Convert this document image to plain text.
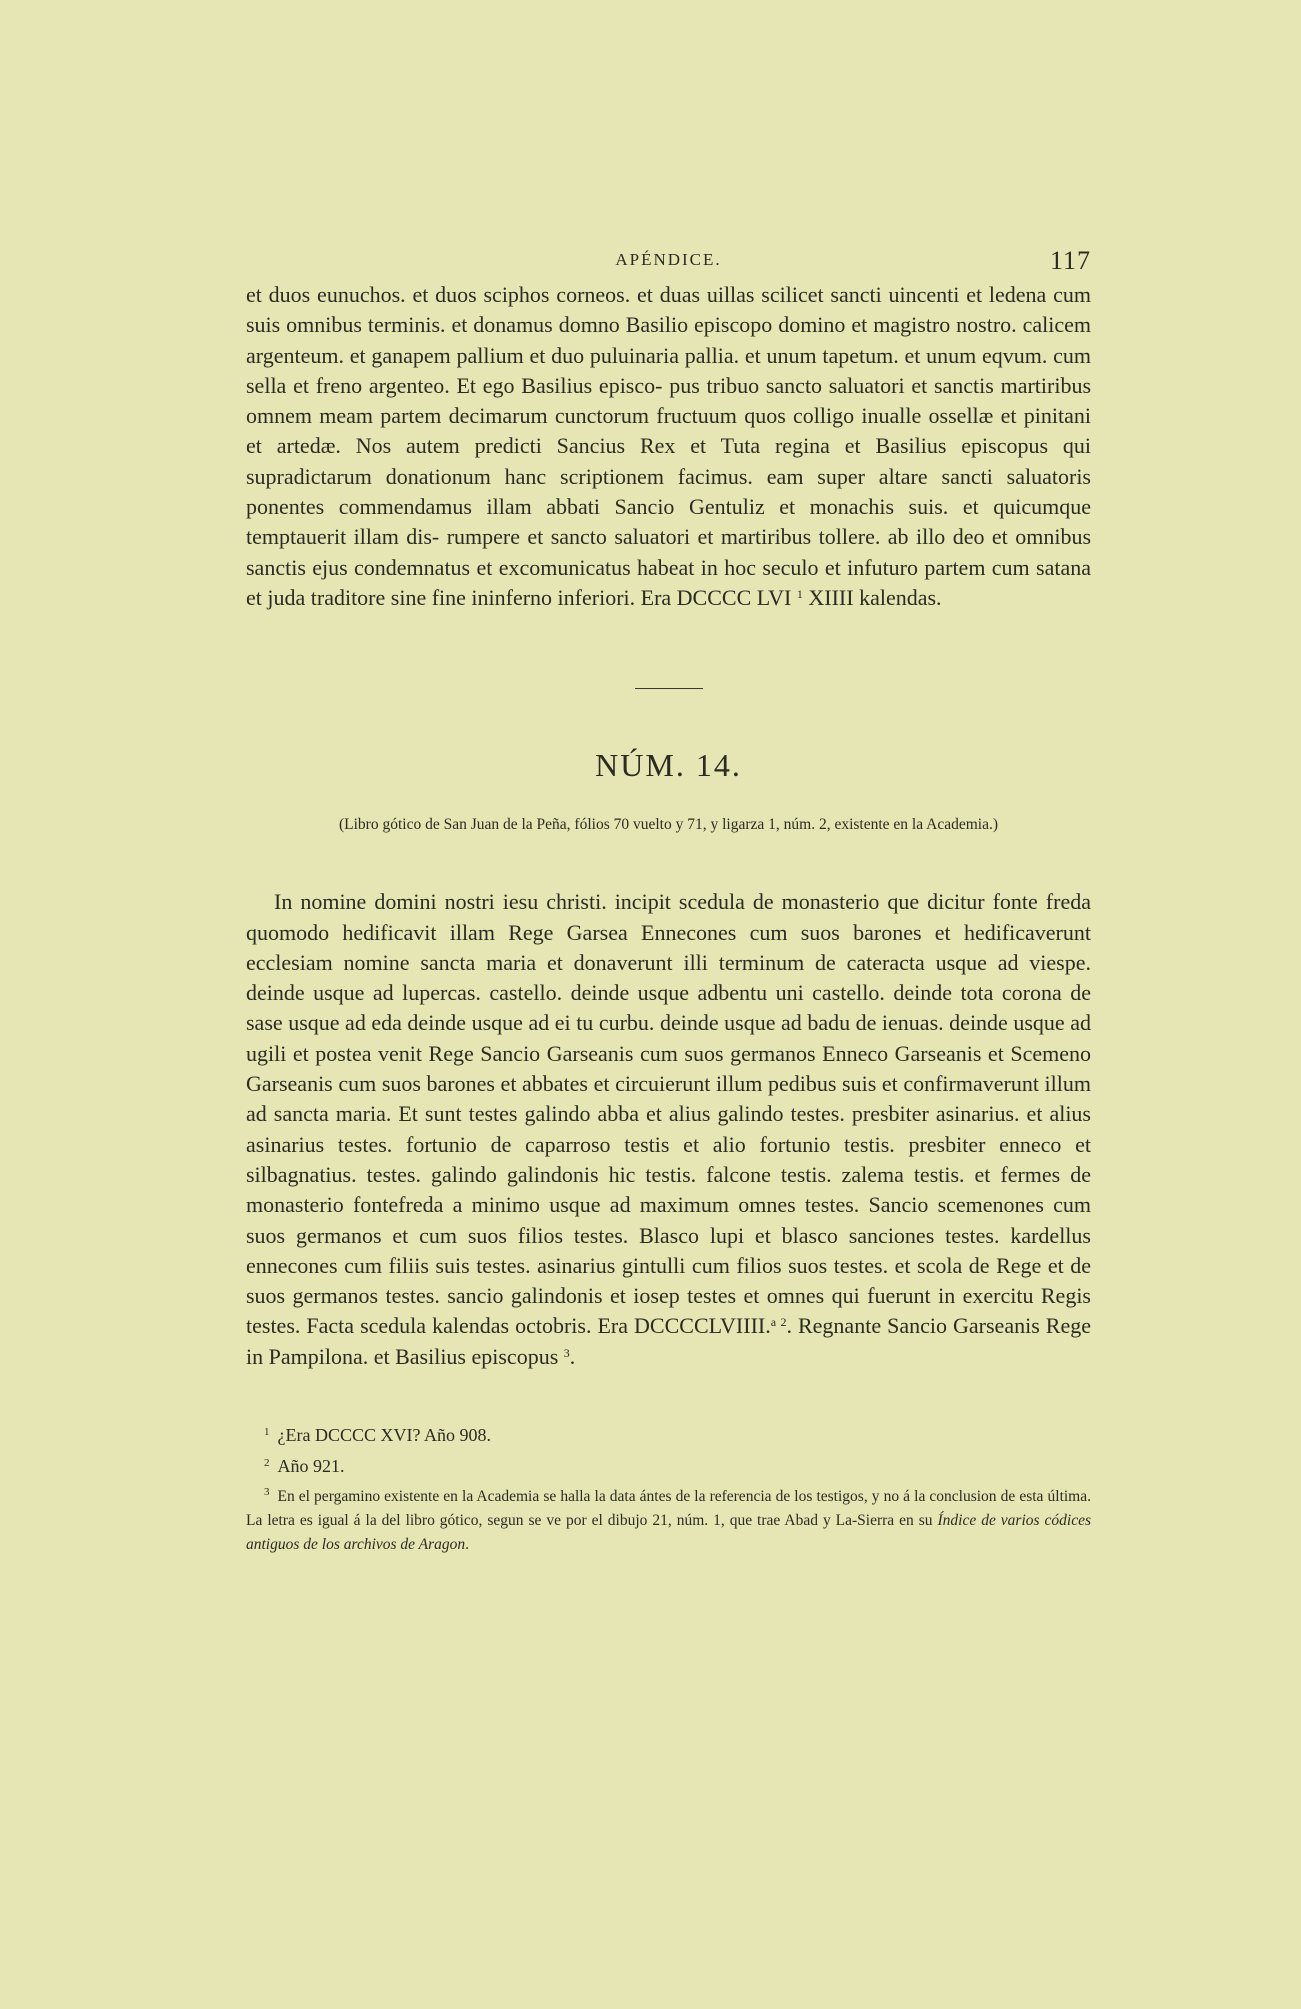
APÉNDICE.	117

et duos eunuchos. et duos sciphos corneos. et duas uillas scilicet sancti uincenti et ledena cum suis omnibus terminis. et donamus domno Basilio episcopo domino et magistro nostro. calicem argenteum. et ganapem pallium et duo puluinaria pallia. et unum tapetum. et unum eqvum. cum sella et freno argenteo. Et ego Basilius episco- pus tribuo sancto saluatori et sanctis martiribus omnem meam partem decimarum cunctorum fructuum quos colligo inualle ossellæ et pinitani et artedæ. Nos autem predicti Sancius Rex et Tuta regina et Basilius episcopus qui supradictarum donationum hanc scriptionem facimus. eam super altare sancti saluatoris ponentes commendamus illam abbati Sancio Gentuliz et monachis suis. et quicumque temptauerit illam dis- rumpere et sancto saluatori et martiribus tollere. ab illo deo et omnibus sanctis ejus condemnatus et excomunicatus habeat in hoc seculo et infuturo partem cum satana et juda traditore sine fine ininferno inferiori. Era DCCCC LVI $^1$ XIIII kalendas.

NÚM. 14.
(Libro gótico de San Juan de la Peña, fólios 70 vuelto y 71, y ligarza 1, núm. 2, existente en la Academia.)

In nomine domini nostri iesu christi. incipit scedula de monasterio que dicitur fonte freda quomodo hedificavit illam Rege Garsea Ennecones cum suos barones et hedificaverunt ecclesiam nomine sancta maria et donaverunt illi terminum de cateracta usque ad viespe. deinde usque ad lupercas. castello. deinde usque adbentu uni castello. deinde tota corona de sase usque ad eda deinde usque ad ei tu curbu. deinde usque ad badu de ienuas. deinde usque ad ugili et postea venit Rege Sancio Garseanis cum suos germanos Enneco Garseanis et Scemeno Garseanis cum suos barones et abbates et circuierunt illum pedibus suis et confirmaverunt illum ad sancta maria. Et sunt testes galindo abba et alius galindo testes. presbiter asinarius. et alius asinarius testes. fortunio de caparroso testis et alio fortunio testis. presbiter enneco et silbagnatius. testes. galindo galindonis hic testis. falcone testis. zalema testis. et fermes de monasterio fontefreda a minimo usque ad maximum omnes testes. Sancio scemenones cum suos germanos et cum suos filios testes. Blasco lupi et blasco sanciones testes. kardellus ennecones cum filiis suis testes. asinarius gintulli cum filios suos testes. et scola de Rege et de suos germanos testes. sancio galindonis et iosep testes et omnes qui fuerunt in exercitu Regis testes. Facta scedula kalendas octobris. Era DCCCCLVIIII.$^a$  $^2$. Regnante Sancio Garseanis Rege in Pampilona. et Basilius episcopus $^3$.

$^1$ ¿Era DCCCC XVI? Año 908.

$^2$ Año 921.

$^3$ En el pergamino existente en la Academia se halla la data ántes de la referencia de los testigos, y no á la conclusion de esta última. La letra es igual á la del libro gótico, segun se ve por el dibujo 21, núm. 1, que trae Abad y La-Sierra en su Índice de varios códices antiguos de los archivos de Aragon.
